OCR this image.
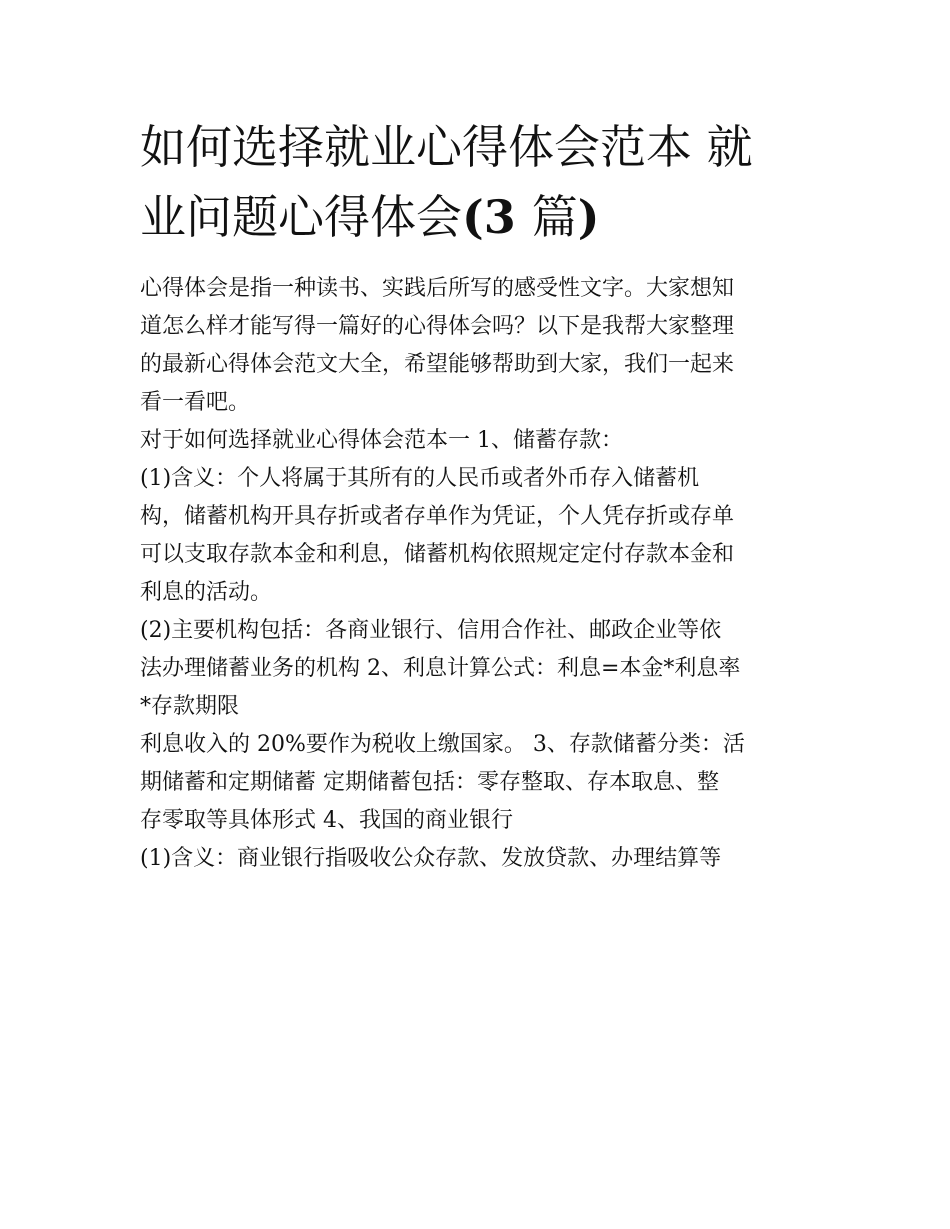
如何选择就业心得体会范本 就
业问题心得体会(3 篇)
心得体会是指一种读书、实践后所写的感受性文字。大家想知
道怎么样才能写得一篇好的心得体会吗？以下是我帮大家整理
的最新心得体会范文大全，希望能够帮助到大家，我们一起来
看一看吧。
对于如何选择就业心得体会范本一 1、储蓄存款：
(1)含义：个人将属于其所有的人民币或者外币存入储蓄机
构，储蓄机构开具存折或者存单作为凭证，个人凭存折或存单
可以支取存款本金和利息，储蓄机构依照规定定付存款本金和
利息的活动。
(2)主要机构包括：各商业银行、信用合作社、邮政企业等依
法办理储蓄业务的机构 2、利息计算公式：利息=本金*利息率
*存款期限
利息收入的 20%要作为税收上缴国家。 3、存款储蓄分类：活
期储蓄和定期储蓄 定期储蓄包括：零存整取、存本取息、整
存零取等具体形式 4、我国的商业银行
(1)含义：商业银行指吸收公众存款、发放贷款、办理结算等
